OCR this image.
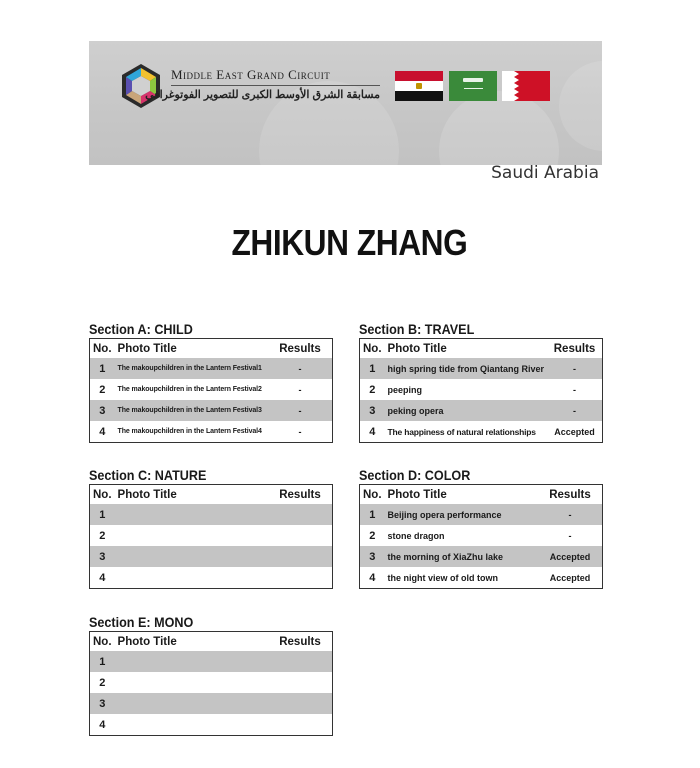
Middle East Grand Circuit
مسابقة الشرق الأوسط الكبرى للتصوير الفوتوغرافي
Saudi Arabia
ZHIKUN ZHANG
Section A: CHILD
No.	Photo Title	Results
1	The makoupchildren in the Lantern Festival1	-
2	The makoupchildren in the Lantern Festival2	-
3	The makoupchildren in the Lantern Festival3	-
4	The makoupchildren in the Lantern Festival4	-
Section B: TRAVEL
No.	Photo Title	Results
1	high spring tide from Qiantang River	-
2	peeping	-
3	peking opera	-
4	The happiness of natural relationships	Accepted
Section C: NATURE
No.	Photo Title	Results
1		
2		
3		
4		
Section D: COLOR
No.	Photo Title	Results
1	Beijing opera performance	-
2	stone dragon	-
3	the morning of XiaZhu lake	Accepted
4	the night view of old town	Accepted
Section E: MONO
No.	Photo Title	Results
1		
2		
3		
4		
